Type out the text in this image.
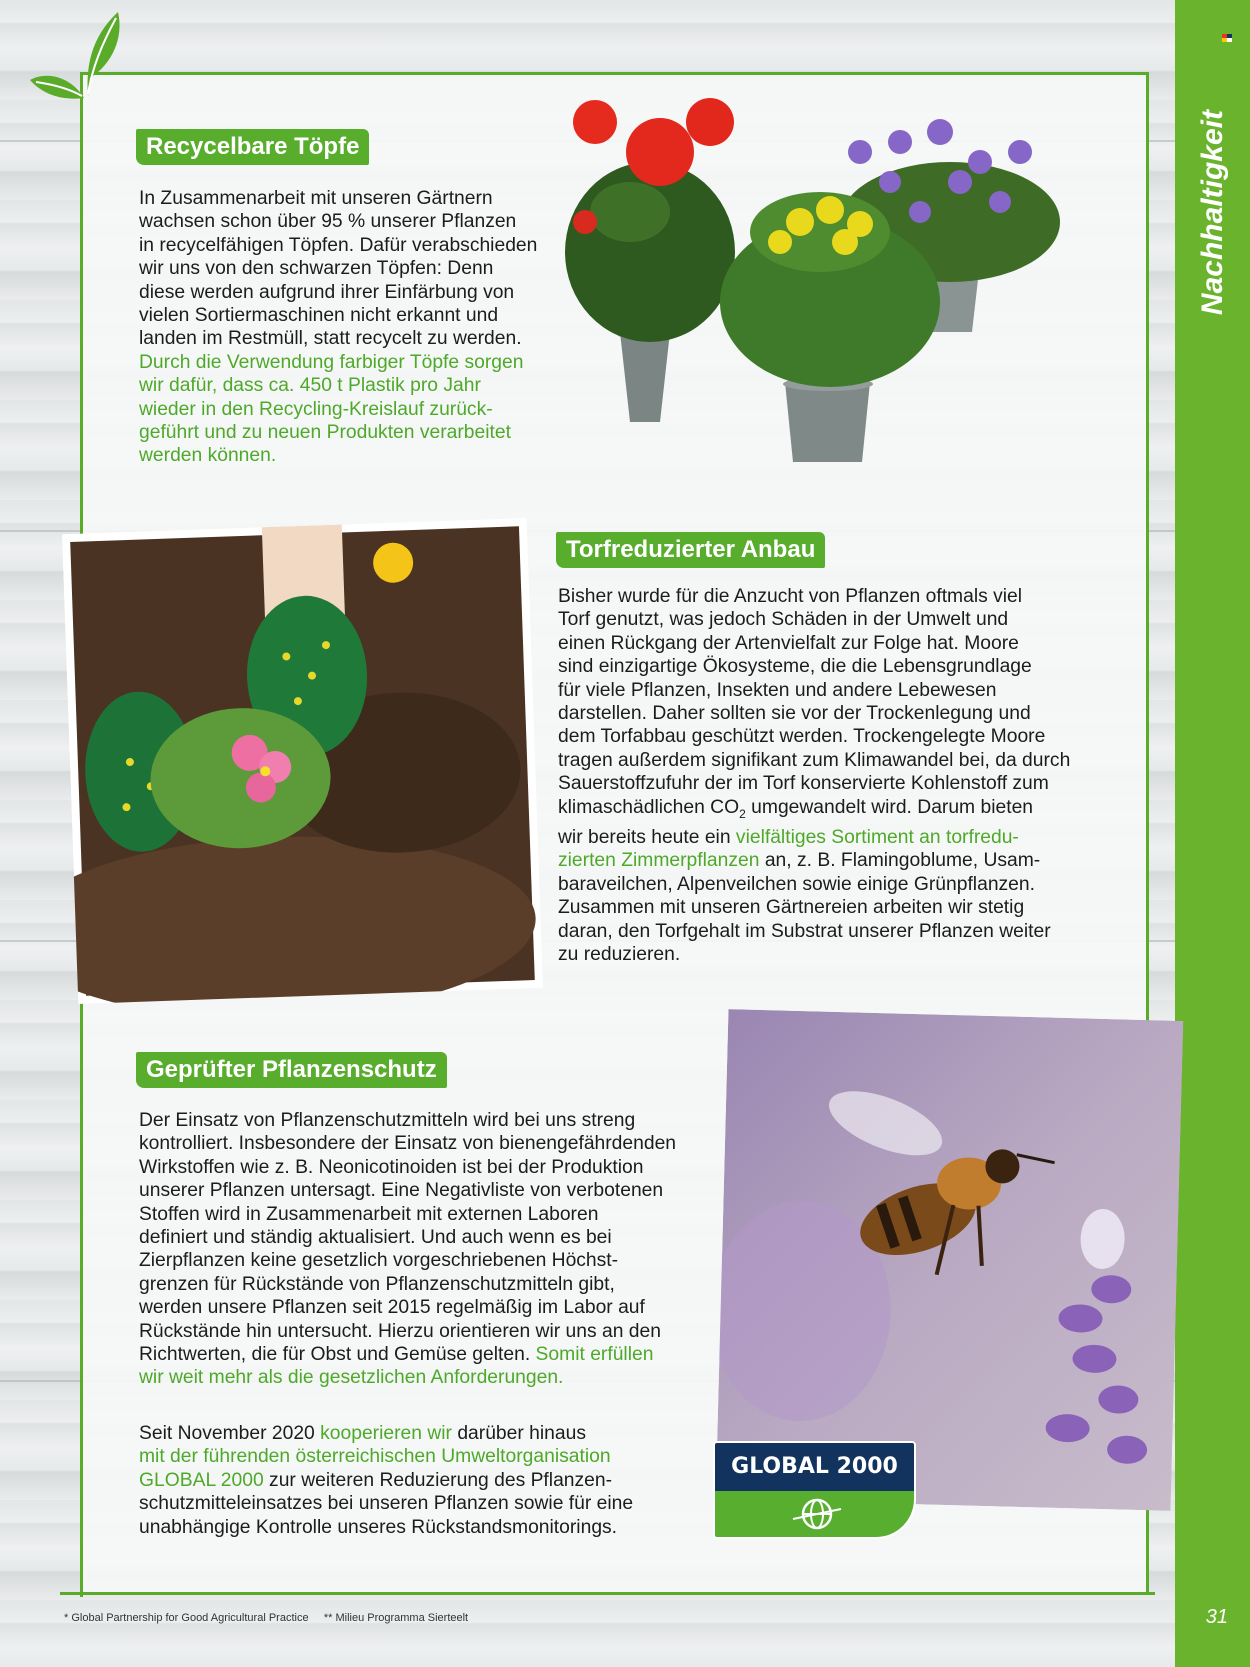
Nachhaltigkeit
31
Recycelbare Töpfe
In Zusammenarbeit mit unseren Gärtnern
wachsen schon über 95 % unserer Pflanzen
in recycelfähigen Töpfen. Dafür verabschieden
wir uns von den schwarzen Töpfen: Denn
diese werden aufgrund ihrer Einfärbung von
vielen Sortiermaschinen nicht erkannt und
landen im Restmüll, statt recycelt zu werden.
Durch die Verwendung farbiger Töpfe sorgen
wir dafür, dass ca. 450 t Plastik pro Jahr
wieder in den Recycling-Kreislauf zurück-
geführt und zu neuen Produkten verarbeitet
werden können.
Torfreduzierter Anbau
Bisher wurde für die Anzucht von Pflanzen oftmals viel
Torf genutzt, was jedoch Schäden in der Umwelt und
einen Rückgang der Artenvielfalt zur Folge hat. Moore
sind einzigartige Ökosysteme, die die Lebensgrundlage
für viele Pflanzen, Insekten und andere Lebewesen
darstellen. Daher sollten sie vor der Trockenlegung und
dem Torfabbau geschützt werden. Trockengelegte Moore
tragen außerdem signifikant zum Klimawandel bei, da durch
Sauerstoffzufuhr der im Torf konservierte Kohlenstoff zum
klimaschädlichen $CO_2$ umgewandelt wird. Darum bieten
wir bereits heute ein vielfältiges Sortiment an torfredu-
zierten Zimmerpflanzen an, z. B. Flamingoblume, Usam-
baraveilchen, Alpenveilchen sowie einige Grünpflanzen.
Zusammen mit unseren Gärtnereien arbeiten wir stetig
daran, den Torfgehalt im Substrat unserer Pflanzen weiter
zu reduzieren.
Geprüfter Pflanzenschutz
Der Einsatz von Pflanzenschutzmitteln wird bei uns streng
kontrolliert. Insbesondere der Einsatz von bienengefährdenden
Wirkstoffen wie z. B. Neonicotinoiden ist bei der Produktion
unserer Pflanzen untersagt. Eine Negativliste von verbotenen
Stoffen wird in Zusammenarbeit mit externen Laboren
definiert und ständig aktualisiert. Und auch wenn es bei
Zierpflanzen keine gesetzlich vorgeschriebenen Höchst-
grenzen für Rückstände von Pflanzenschutzmitteln gibt,
werden unsere Pflanzen seit 2015 regelmäßig im Labor auf
Rückstände hin untersucht. Hierzu orientieren wir uns an den
Richtwerten, die für Obst und Gemüse gelten. Somit erfüllen
wir weit mehr als die gesetzlichen Anforderungen.
Seit November 2020 kooperieren wir darüber hinaus
mit der führenden österreichischen Umweltorganisation
GLOBAL 2000 zur weiteren Reduzierung des Pflanzen-
schutzmitteleinsatzes bei unseren Pflanzen sowie für eine
unabhängige Kontrolle unseres Rückstandsmonitorings.
GLOBAL 2000
* Global Partnership for Good Agricultural Practice ** Milieu Programma Sierteelt
